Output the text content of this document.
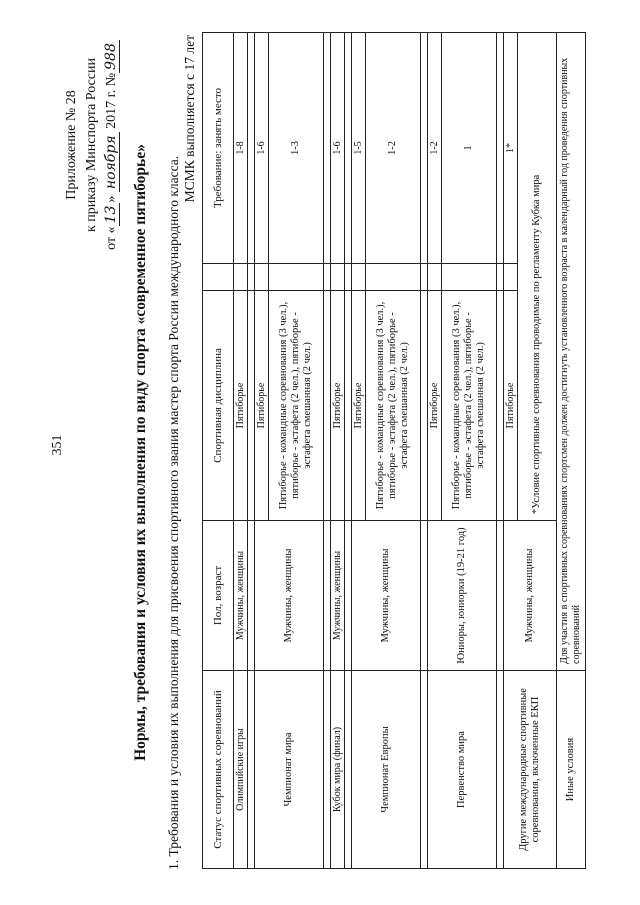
351
Приложение № 28 к приказу Минспорта России
от «13» ноября 2017 г. №988
Нормы, требования и условия их выполнения по виду спорта «современное пятиборье» 1. Требования и условия их выполнения для присвоения спортивного звания мастер спорта России международного класса.
МСМК выполняется с 17 лет
Статус спортивных соревнований	Пол, возраст	Спортивная дисциплина		Требование: занять место
Олимпийские игры	Мужчины, женщины	Пятиборье		1-8

Чемпионат мира	Мужчины, женщины	Пятиборье		1-6
		Пятиборье - командные соревнования (3 чел.), пятиборье - эстафета (2 чел.), пятиборье - эстафета смешанная (2 чел.)		1-3

Кубок мира (финал)	Мужчины, женщины	Пятиборье		1-6

Чемпионат Европы	Мужчины, женщины	Пятиборье		1-5
		Пятиборье - командные соревнования (3 чел.), пятиборье - эстафета (2 чел.), пятиборье - эстафета смешанная (2 чел.)		1-2

Первенство мира	Юниоры, юниорки (19-21 год)	Пятиборье		1-2
		Пятиборье - командные соревнования (3 чел.), пятиборье - эстафета (2 чел.), пятиборье - эстафета смешанная (2 чел.)		1

Другие международные спортивные соревнования, включенные ЕКП	Мужчины, женщины	Пятиборье		1*
		*Условие спортивные соревнования проводимые по регламенту Кубка мира		
Иные условия	Для участия в спортивных соревнованиях спортсмен должен достигнуть установленного возраста в календарный год проведения спортивных соревнований			
